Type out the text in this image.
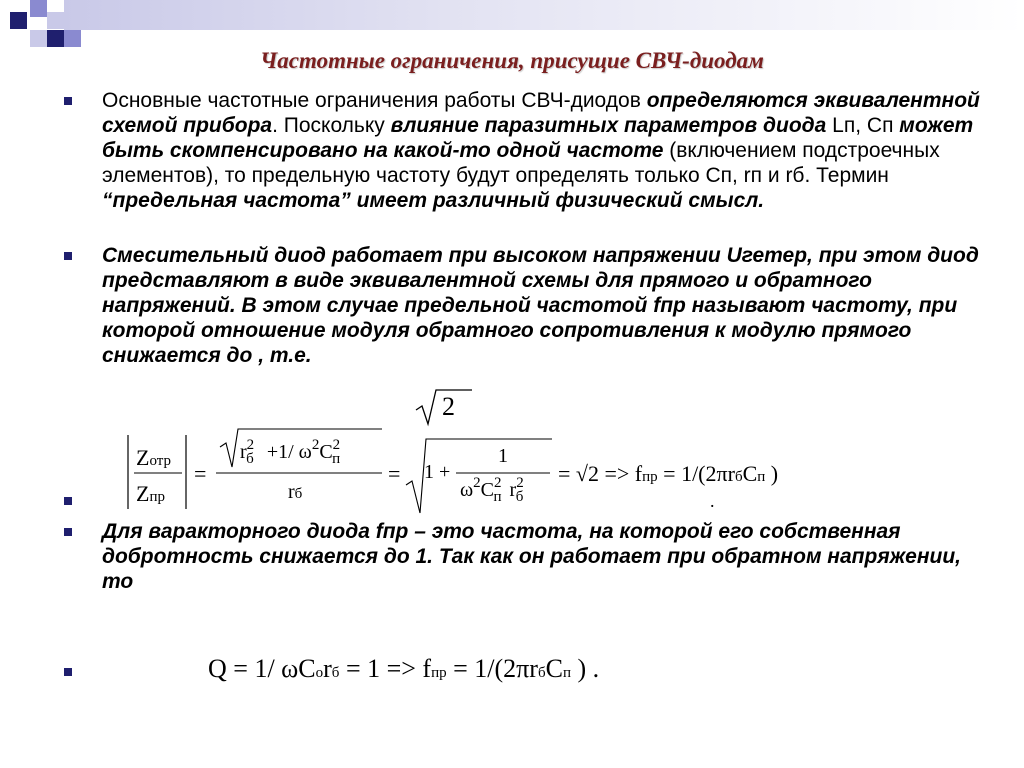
Частотные ограничения, присущие СВЧ-диодам
Основные частотные ограничения работы СВЧ-диодов определяются эквивалентной схемой прибора. Поскольку влияние паразитных параметров диода Lп, Сп может быть скомпенсировано на какой-то одной частоте (включением подстроечных элементов), то предельную частоту будут определять только Сп, rп и rб. Термин “предельная частота” имеет различный физический смысл.
Смесительный диод работает при высоком напряжении Uгетер, при этом диод представляют в виде эквивалентной схемы для прямого и обратного напряжений. В этом случае предельной частотой fпр называют частоту, при которой отношение модуля обратного сопротивления к модулю прямого снижается до , т.е.
2
Zотр
Zпр
=
$r^2_б +1/$ $\omega^2C^2_п$
rб
= 1 +
1
$\omega^2C^2_п$ $r^2_б$
= √2 => fпр = 1/(2πrбCп )
.
Для варакторного диода fпр – это частота, на которой его собственная добротность снижается до 1. Так как он работает при обратном напряжении, то
Q = 1/ ωCоrб = 1 => fпр = 1/(2πrбCп ) .
